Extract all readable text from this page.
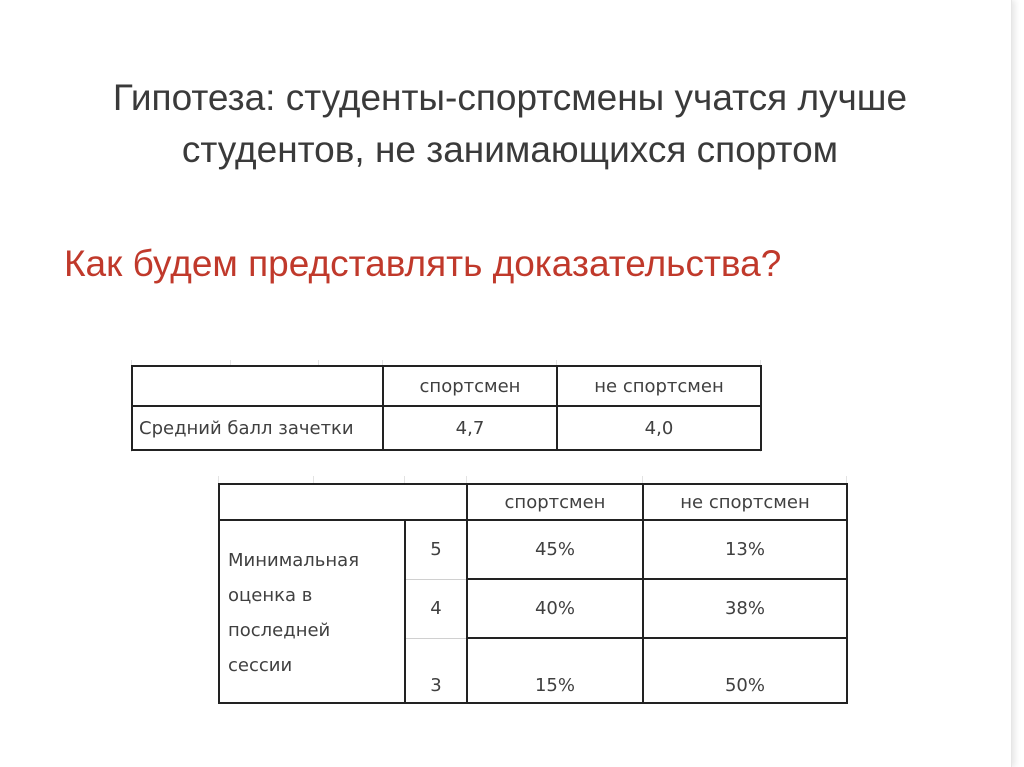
Гипотеза: студенты-спортсмены учатся лучше
студентов, не занимающихся спортом
Как будем представлять доказательства?
	спортсмен	не спортсмен
Средний балл зачетки	4,7	4,0
		спортсмен	не спортсмен

Минимальная оценка в последней сессии	5	45%	13%
	4	40%	38%
	3	15%	50%
